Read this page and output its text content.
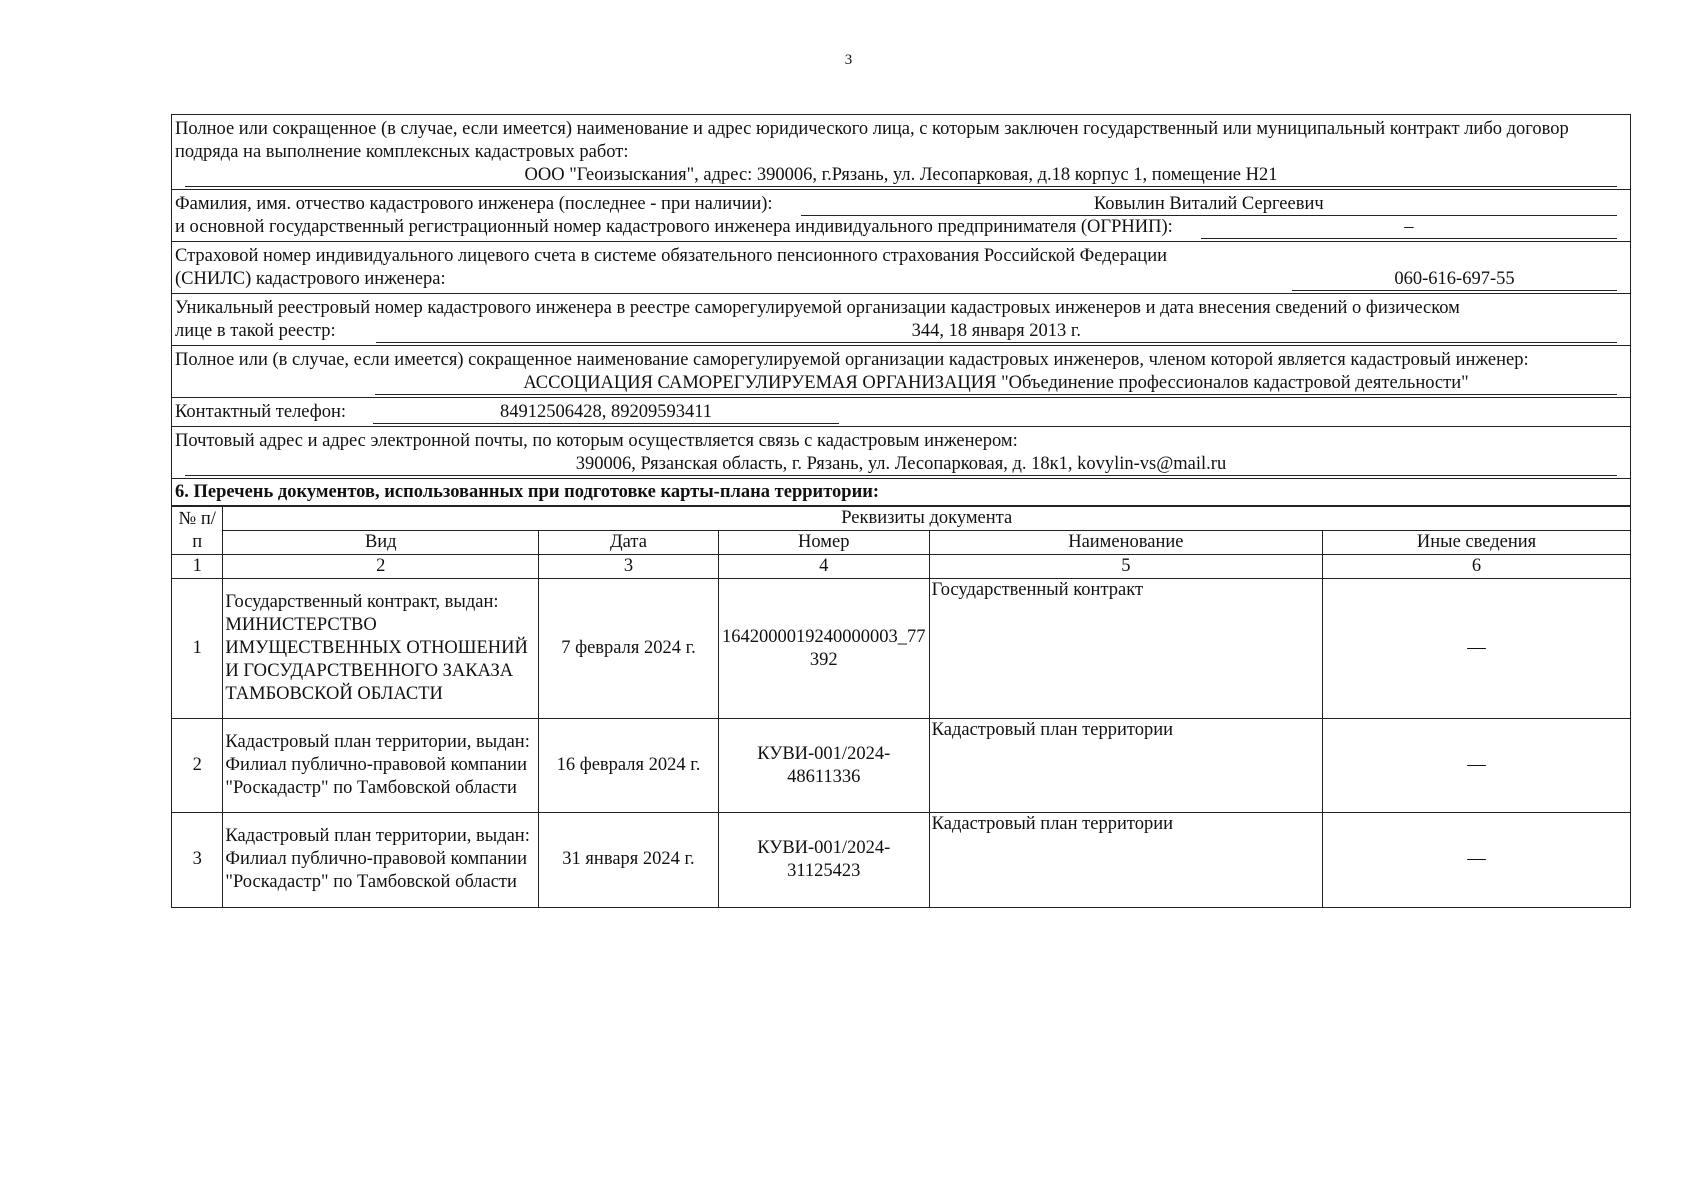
3
Полное или сокращенное (в случае, если имеется) наименование и адрес юридического лица, с которым заключен государственный или муниципальный контракт либо договор подряда на выполнение комплексных кадастровых работ:
ООО "Геоизыскания", адрес: 390006, г.Рязань, ул. Лесопарковая, д.18 корпус 1, помещение Н21
Фамилия, имя. отчество кадастрового инженера (последнее - при наличии):	Ковылин Виталий Сергеевич
и основной государственный регистрационный номер кадастрового инженера индивидуального предпринимателя (ОГРНИП):	–
Страховой номер индивидуального лицевого счета в системе обязательного пенсионного страхования Российской Федерации
(СНИЛС) кадастрового инженера:	060-616-697-55
Уникальный реестровый номер кадастрового инженера в реестре саморегулируемой организации кадастровых инженеров и дата внесения сведений о физическом
лице в такой реестр:	344, 18 января 2013 г.
Полное или (в случае, если имеется) сокращенное наименование саморегулируемой организации кадастровых инженеров, членом которой является кадастровый инженер:
АССОЦИАЦИЯ САМОРЕГУЛИРУЕМАЯ ОРГАНИЗАЦИЯ "Объединение профессионалов кадастровой деятельности"
Контактный телефон:	84912506428, 89209593411
Почтовый адрес и адрес электронной почты, по которым осуществляется связь с кадастровым инженером:
390006, Рязанская область, г. Рязань, ул. Лесопарковая, д. 18к1, kovylin-vs@mail.ru
6. Перечень документов, использованных при подготовке карты-плана территории:
№ п/п	Реквизиты документа				
	Вид	Дата	Номер	Наименование	Иные сведения
1	2	3	4	5	6
1	Государственный контракт, выдан: МИНИСТЕРСТВО ИМУЩЕСТВЕННЫХ ОТНОШЕНИЙ И ГОСУДАРСТВЕННОГО ЗАКАЗА ТАМБОВСКОЙ ОБЛАСТИ	7 февраля 2024 г.	1642000019240000003_77392	Государственный контракт	—
2	Кадастровый план территории, выдан: Филиал публично-правовой компании "Роскадастр" по Тамбовской области	16 февраля 2024 г.	КУВИ-001/2024-48611336	Кадастровый план территории	—
3	Кадастровый план территории, выдан: Филиал публично-правовой компании "Роскадастр" по Тамбовской области	31 января 2024 г.	КУВИ-001/2024-31125423	Кадастровый план территории	—
